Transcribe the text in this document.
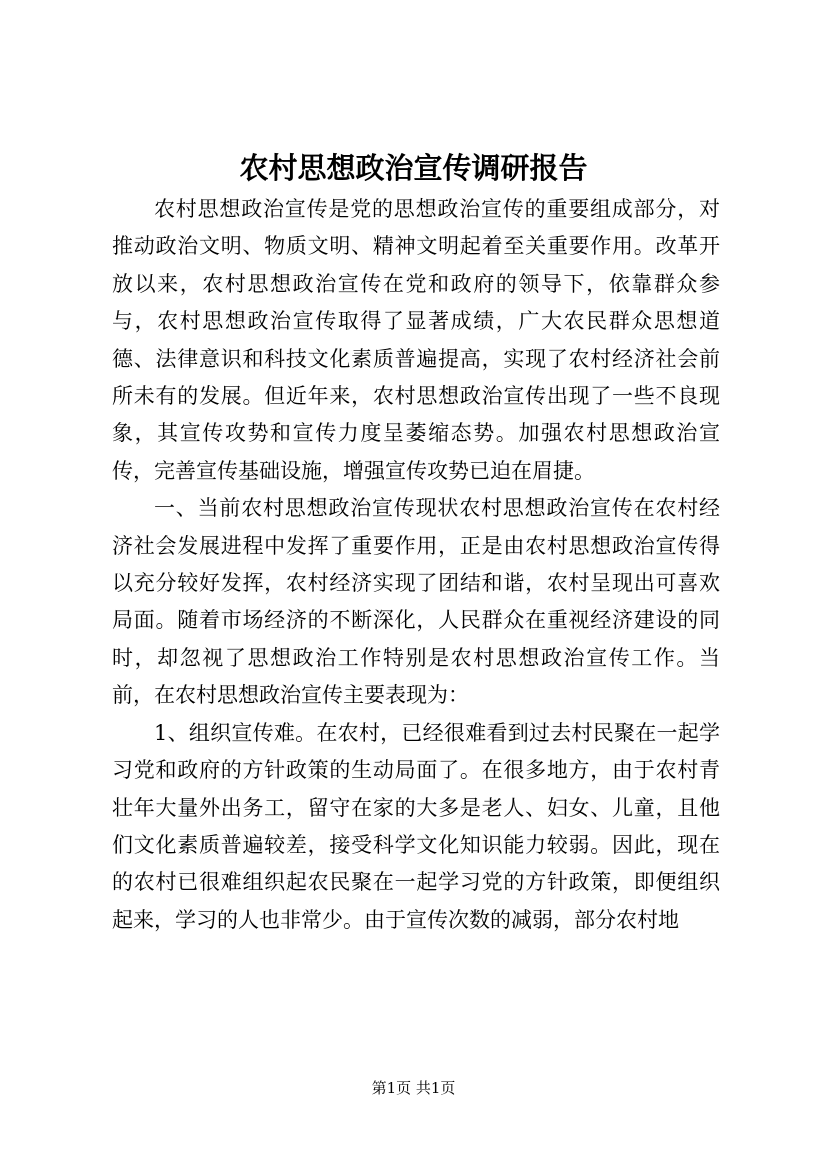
农村思想政治宣传调研报告

农村思想政治宣传是党的思想政治宣传的重要组成部分，对推动政治文明、物质文明、精神文明起着至关重要作用。改革开放以来，农村思想政治宣传在党和政府的领导下，依靠群众参与，农村思想政治宣传取得了显著成绩，广大农民群众思想道德、法律意识和科技文化素质普遍提高，实现了农村经济社会前所未有的发展。但近年来，农村思想政治宣传出现了一些不良现象，其宣传攻势和宣传力度呈萎缩态势。加强农村思想政治宣传，完善宣传基础设施，增强宣传攻势已迫在眉捷。

一、当前农村思想政治宣传现状农村思想政治宣传在农村经济社会发展进程中发挥了重要作用，正是由农村思想政治宣传得以充分较好发挥，农村经济实现了团结和谐，农村呈现出可喜欢局面。随着市场经济的不断深化，人民群众在重视经济建设的同时，却忽视了思想政治工作特别是农村思想政治宣传工作。当前，在农村思想政治宣传主要表现为：

1、组织宣传难。在农村，已经很难看到过去村民聚在一起学习党和政府的方针政策的生动局面了。在很多地方，由于农村青壮年大量外出务工，留守在家的大多是老人、妇女、儿童，且他们文化素质普遍较差，接受科学文化知识能力较弱。因此，现在的农村已很难组织起农民聚在一起学习党的方针政策，即便组织起来，学习的人也非常少。由于宣传次数的减弱，部分农村地

第1页 共1页
